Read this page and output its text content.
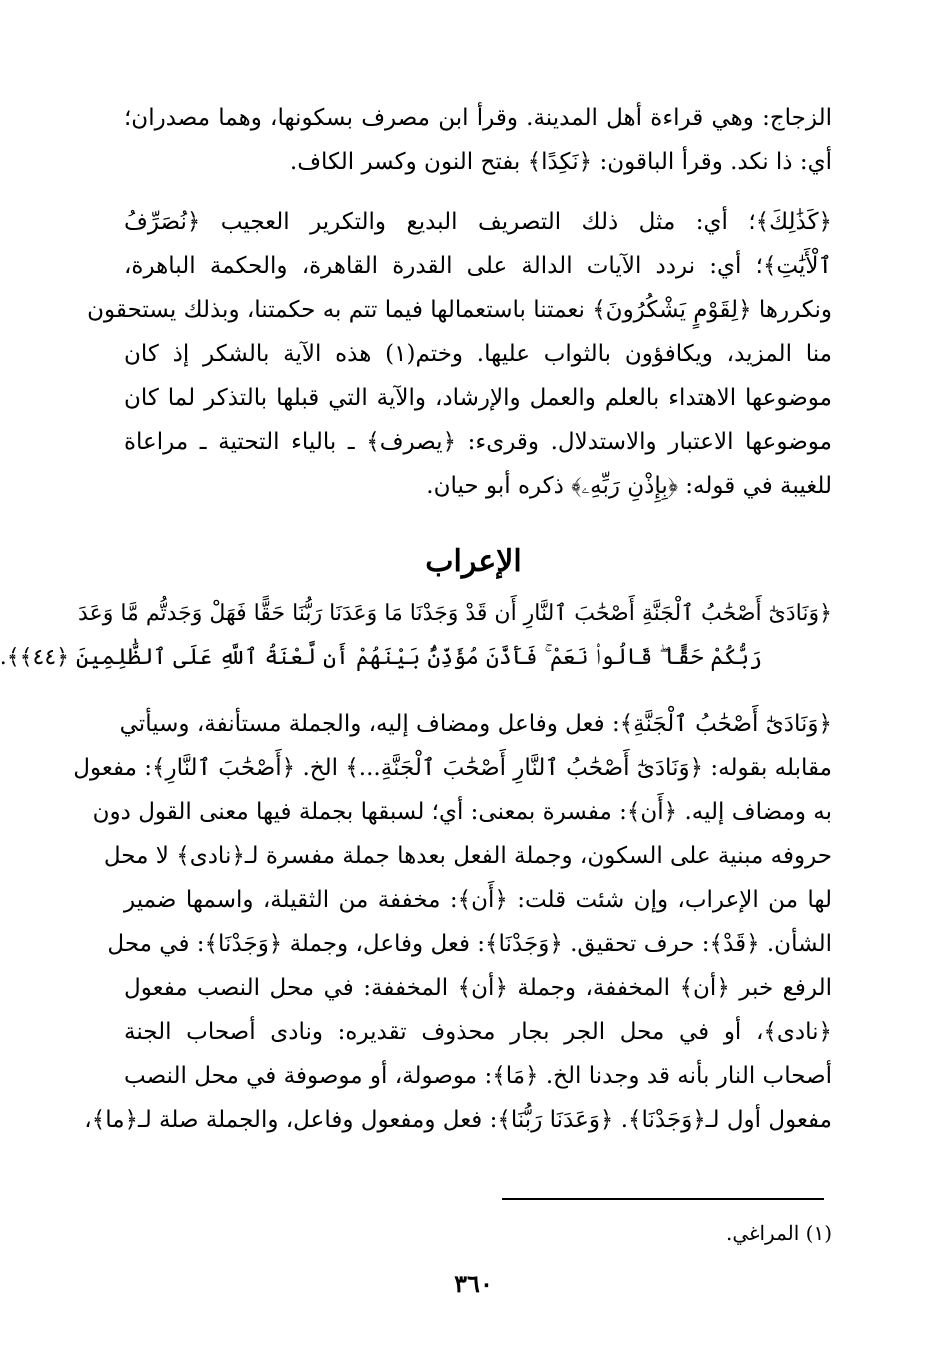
الزجاج: وهي قراءة أهل المدينة. وقرأ ابن مصرف بسكونها، وهما مصدران؛
أي: ذا نكد. وقرأ الباقون: ﴿نَكِدًا﴾ بفتح النون وكسر الكاف.
﴿كَذَٰلِكَ﴾؛ أي: مثل ذلك التصريف البديع والتكرير العجيب ﴿نُصَرِّفُ
ٱلْأَيَٰتِ﴾؛ أي: نردد الآيات الدالة على القدرة القاهرة، والحكمة الباهرة،
ونكررها ﴿لِقَوْمٍ يَشْكُرُونَ﴾ نعمتنا باستعمالها فيما تتم به حكمتنا، وبذلك يستحقون
منا المزيد، ويكافؤون بالثواب عليها. وختم(١) هذه الآية بالشكر إذ كان
موضوعها الاهتداء بالعلم والعمل والإرشاد، والآية التي قبلها بالتذكر لما كان
موضوعها الاعتبار والاستدلال. وقرىء: ﴿يصرف﴾ ـ بالياء التحتية ـ مراعاة
للغيبة في قوله: ﴿بِإِذْنِ رَبِّهِۦ﴾ ذكره أبو حيان.
الإعراب
﴿وَنَادَىٰٓ أَصْحَٰبُ ٱلْجَنَّةِ أَصْحَٰبَ ٱلنَّارِ أَن قَدْ وَجَدْنَا مَا وَعَدَنَا رَبُّنَا حَقًّا فَهَلْ وَجَدتُّم مَّا وَعَدَ
رَبُّكُمْ حَقًّا ۖ قَالُوا۟ نَعَمْ ۚ فَأَذَّنَ مُؤَذِّنٌۢ بَيْنَهُمْ أَن لَّعْنَةُ ٱللَّهِ عَلَى ٱلظَّٰلِمِينَ ﴿٤٤﴾﴾.
﴿وَنَادَىٰٓ أَصْحَٰبُ ٱلْجَنَّةِ﴾: فعل وفاعل ومضاف إليه، والجملة مستأنفة، وسيأتي
مقابله بقوله: ﴿وَنَادَىٰٓ أَصْحَٰبُ ٱلنَّارِ أَصْحَٰبَ ٱلْجَنَّةِ...﴾ الخ. ﴿أَصْحَٰبَ ٱلنَّارِ﴾: مفعول
به ومضاف إليه. ﴿أَن﴾: مفسرة بمعنى: أي؛ لسبقها بجملة فيها معنى القول دون
حروفه مبنية على السكون، وجملة الفعل بعدها جملة مفسرة لـ﴿نادى﴾ لا محل
لها من الإعراب، وإن شئت قلت: ﴿أَن﴾: مخففة من الثقيلة، واسمها ضمير
الشأن. ﴿قَدْ﴾: حرف تحقيق. ﴿وَجَدْنَا﴾: فعل وفاعل، وجملة ﴿وَجَدْنَا﴾: في محل
الرفع خبر ﴿أن﴾ المخففة، وجملة ﴿أن﴾ المخففة: في محل النصب مفعول
﴿نادى﴾، أو في محل الجر بجار محذوف تقديره: ونادى أصحاب الجنة
أصحاب النار بأنه قد وجدنا الخ. ﴿مَا﴾: موصولة، أو موصوفة في محل النصب
مفعول أول لـ﴿وَجَدْنَا﴾. ﴿وَعَدَنَا رَبُّنَا﴾: فعل ومفعول وفاعل، والجملة صلة لـ﴿ما﴾،
(١) المراغي.
٣٦٠
